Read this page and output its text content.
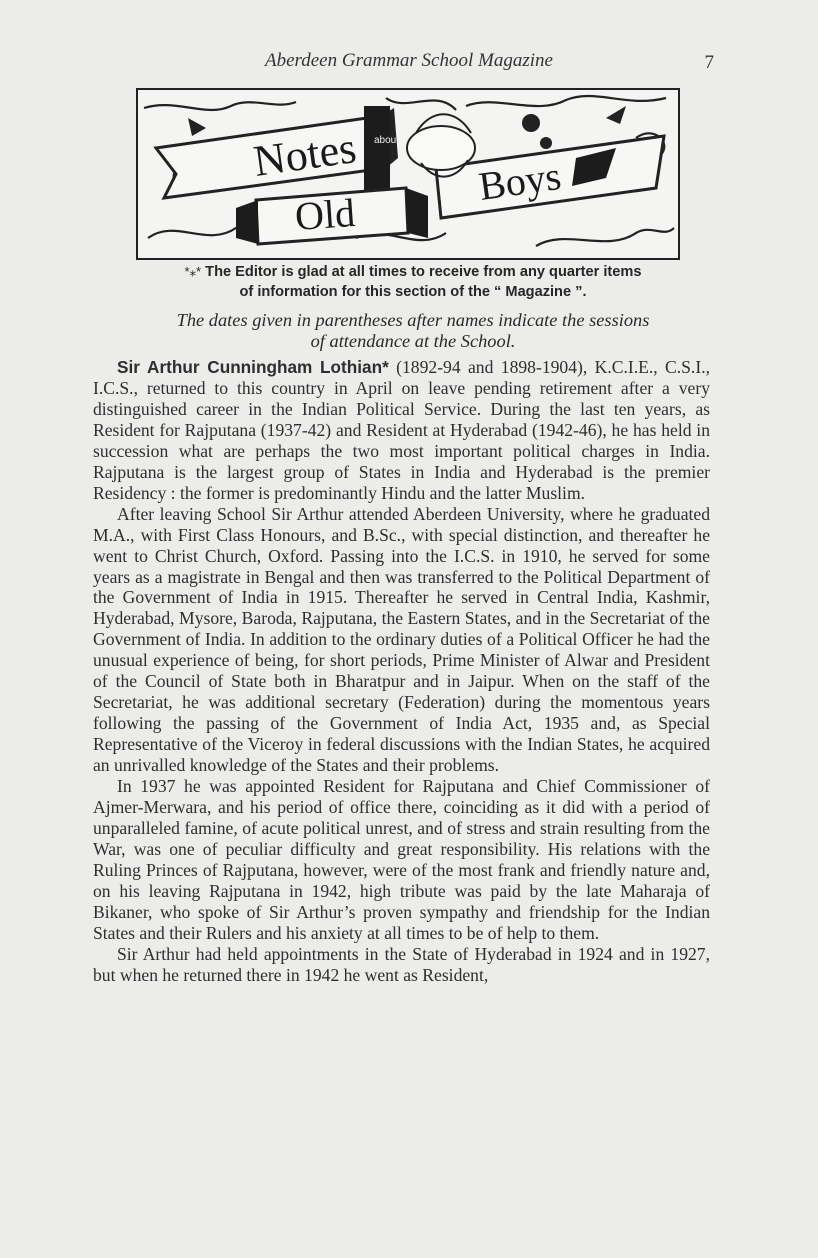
Aberdeen Grammar School Magazine	7
Notes about
Old
Boys
*⁎* The Editor is glad at all times to receive from any quarter items
of information for this section of the “ Magazine ”.
The dates given in parentheses after names indicate the sessions
of attendance at the School.

Sir Arthur Cunningham Lothian* (1892-94 and 1898-1904), K.C.I.E., C.S.I., I.C.S., returned to this country in April on leave pending retirement after a very distinguished career in the Indian Political Service. During the last ten years, as Resident for Rajputana (1937-42) and Resident at Hyderabad (1942-46), he has held in succession what are perhaps the two most important political charges in India. Rajputana is the largest group of States in India and Hyderabad is the premier Residency : the former is predominantly Hindu and the latter Muslim.

After leaving School Sir Arthur attended Aberdeen University, where he graduated M.A., with First Class Honours, and B.Sc., with special distinction, and thereafter he went to Christ Church, Oxford. Passing into the I.C.S. in 1910, he served for some years as a magistrate in Bengal and then was transferred to the Political Department of the Government of India in 1915. Thereafter he served in Central India, Kashmir, Hyderabad, Mysore, Baroda, Rajputana, the Eastern States, and in the Secretariat of the Government of India. In addition to the ordinary duties of a Political Officer he had the unusual experience of being, for short periods, Prime Minister of Alwar and President of the Council of State both in Bharatpur and in Jaipur. When on the staff of the Secretariat, he was additional secretary (Federation) during the momentous years following the passing of the Government of India Act, 1935 and, as Special Representative of the Viceroy in federal discussions with the Indian States, he acquired an unrivalled knowledge of the States and their problems.

In 1937 he was appointed Resident for Rajputana and Chief Commissioner of Ajmer-Merwara, and his period of office there, coinciding as it did with a period of unparalleled famine, of acute political unrest, and of stress and strain resulting from the War, was one of peculiar difficulty and great responsibility. His relations with the Ruling Princes of Rajputana, however, were of the most frank and friendly nature and, on his leaving Rajputana in 1942, high tribute was paid by the late Maharaja of Bikaner, who spoke of Sir Arthur’s proven sympathy and friendship for the Indian States and their Rulers and his anxiety at all times to be of help to them.

Sir Arthur had held appointments in the State of Hyderabad in 1924 and in 1927, but when he returned there in 1942 he went as Resident,
